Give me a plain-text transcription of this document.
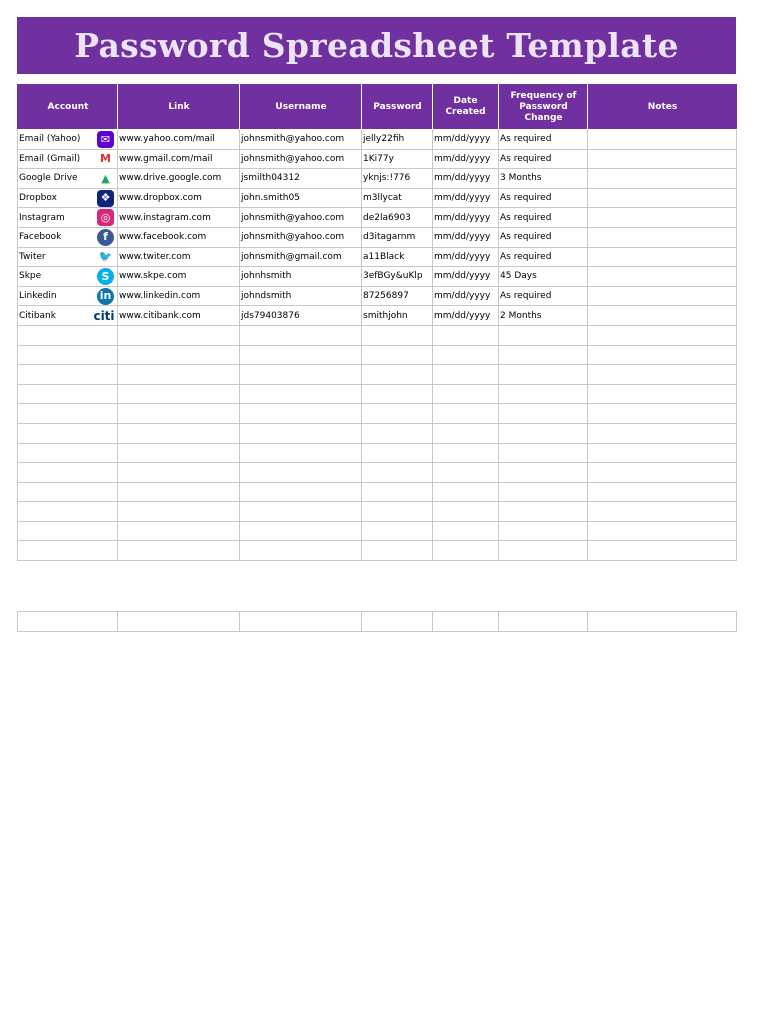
Password Spreadsheet Template
Account	Link	Username	Password	Date Created	Frequency of Password Change	Notes
Email (Yahoo) ✉	www.yahoo.com/mail	johnsmith@yahoo.com	jelly22fih	mm/dd/yyyy	As required	
Email (Gmail) M	www.gmail.com/mail	johnsmith@yahoo.com	1Ki77y	mm/dd/yyyy	As required	
Google Drive ▲	www.drive.google.com	jsmilth04312	yknjs:!776	mm/dd/yyyy	3 Months	
Dropbox ❖	www.dropbox.com	john.smith05	m3llycat	mm/dd/yyyy	As required	
Instagram ◎	www.instagram.com	johnsmith@yahoo.com	de2la6903	mm/dd/yyyy	As required	
Facebook f	www.facebook.com	johnsmith@yahoo.com	d3itagarnm	mm/dd/yyyy	As required	
Twiter 🐦	www.twiter.com	johnsmith@gmail.com	a11Black	mm/dd/yyyy	As required	
Skpe S	www.skpe.com	johnhsmith	3efBGy&uKlp	mm/dd/yyyy	45 Days	
Linkedin in	www.linkedin.com	johndsmith	87256897	mm/dd/yyyy	As required	
Citibank citi	www.citibank.com	jds79403876	smithjohn	mm/dd/yyyy	2 Months	
